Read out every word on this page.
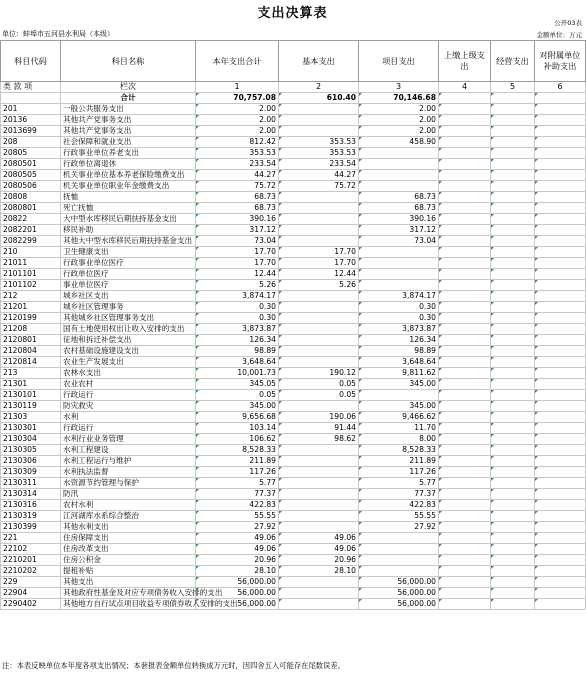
支出决算表
公开03表
单位：蚌埠市五河县水利局（本级）	金额单位：万元
科目代码	科目名称	本年支出合计	基本支出	项目支出	上缴上级支出	经营支出	对附属单位补助支出
类 款 项	栏次	1	2	3	4	5	6
	合计	70,757.08	610.40	70,146.68			
201	一般公共服务支出	2.00		2.00			
20136	其他共产党事务支出	2.00		2.00			
2013699	其他共产党事务支出	2.00		2.00			
208	社会保障和就业支出	812.42	353.53	458.90			
20805	行政事业单位养老支出	353.53	353.53				
2080501	行政单位离退休	233.54	233.54				
2080505	机关事业单位基本养老保险缴费支出	44.27	44.27				
2080506	机关事业单位职业年金缴费支出	75.72	75.72				
20808	抚恤	68.73		68.73			
2080801	死亡抚恤	68.73		68.73			
20822	大中型水库移民后期扶持基金支出	390.16		390.16			
2082201	移民补助	317.12		317.12			
2082299	其他大中型水库移民后期扶持基金支出	73.04		73.04			
210	卫生健康支出	17.70	17.70				
21011	行政事业单位医疗	17.70	17.70				
2101101	行政单位医疗	12.44	12.44				
2101102	事业单位医疗	5.26	5.26				
212	城乡社区支出	3,874.17		3,874.17			
21201	城乡社区管理事务	0.30		0.30			
2120199	其他城乡社区管理事务支出	0.30		0.30			
21208	国有土地使用权出让收入安排的支出	3,873.87		3,873.87			
2120801	征地和拆迁补偿支出	126.34		126.34			
2120804	农村基础设施建设支出	98.89		98.89			
2120814	农业生产发展支出	3,648.64		3,648.64			
213	农林水支出	10,001.73	190.12	9,811.62			
21301	农业农村	345.05	0.05	345.00			
2130101	行政运行	0.05	0.05				
2130119	防灾救灾	345.00		345.00			
21303	水利	9,656.68	190.06	9,466.62			
2130301	行政运行	103.14	91.44	11.70			
2130304	水利行业业务管理	106.62	98.62	8.00			
2130305	水利工程建设	8,528.33		8,528.33			
2130306	水利工程运行与维护	211.89		211.89			
2130309	水利执法监督	117.26		117.26			
2130311	水资源节约管理与保护	5.77		5.77			
2130314	防汛	77.37		77.37			
2130316	农村水利	422.83		422.83			
2130319	江河湖库水系综合整治	55.55		55.55			
2130399	其他水利支出	27.92		27.92			
221	住房保障支出	49.06	49.06				
22102	住房改革支出	49.06	49.06				
2210201	住房公积金	20.96	20.96				
2210202	提租补贴	28.10	28.10				
229	其他支出	56,000.00		56,000.00			
22904	其他政府性基金及对应专项债务收入安排的支出	56,000.00		56,000.00			
2290402	其他地方自行试点项目收益专项债券收入安排的支出	56,000.00		56,000.00			
注：本表反映单位本年度各项支出情况；本套报表金额单位转换成万元时，因四舍五入可能存在尾数误差。
